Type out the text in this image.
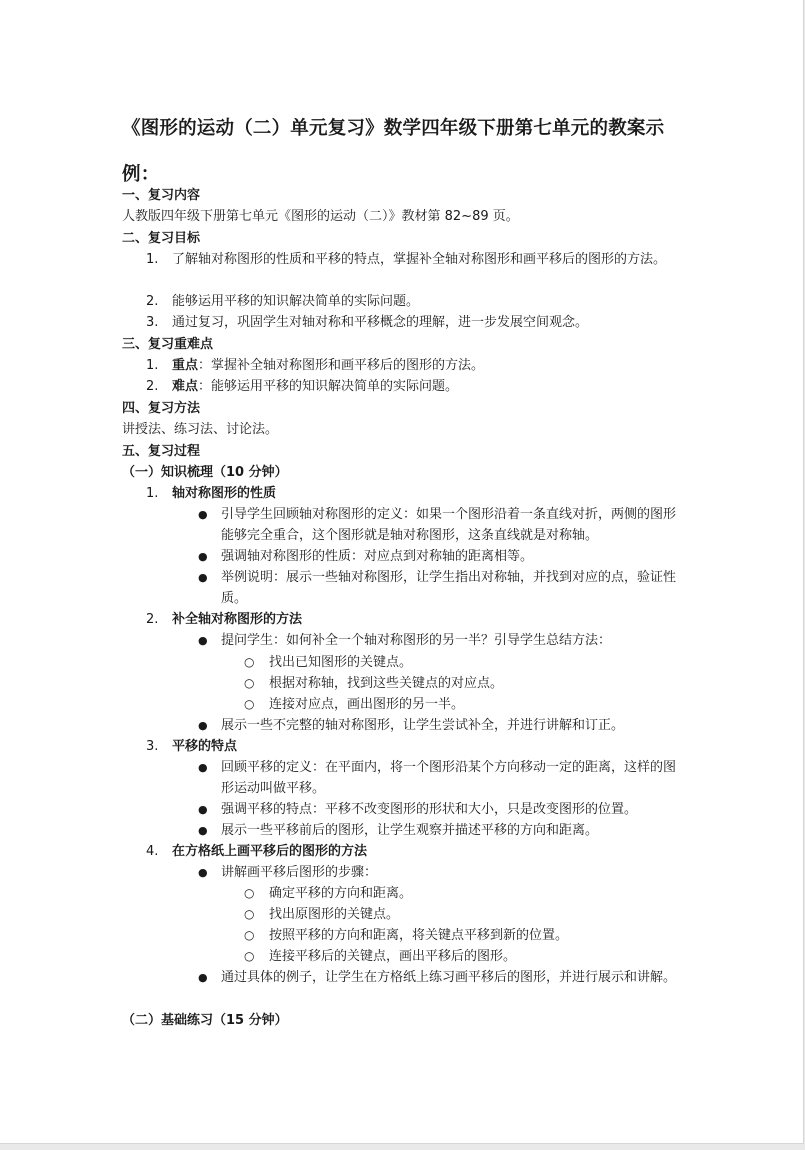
《图形的运动（二）单元复习》数学四年级下册第七单元的教案示例：
一、复习内容
人教版四年级下册第七单元《图形的运动（二）》教材第 82~89 页。
二、复习目标
1. 了解轴对称图形的性质和平移的特点，掌握补全轴对称图形和画平移后的图形的方法。
2. 能够运用平移的知识解决简单的实际问题。
3. 通过复习，巩固学生对轴对称和平移概念的理解，进一步发展空间观念。
三、复习重难点
1. 重点：掌握补全轴对称图形和画平移后的图形的方法。
2. 难点：能够运用平移的知识解决简单的实际问题。
四、复习方法
讲授法、练习法、讨论法。
五、复习过程
（一）知识梳理（10 分钟）
1. 轴对称图形的性质
● 引导学生回顾轴对称图形的定义：如果一个图形沿着一条直线对折，两侧的图形能够完全重合，这个图形就是轴对称图形，这条直线就是对称轴。
● 强调轴对称图形的性质：对应点到对称轴的距离相等。
● 举例说明：展示一些轴对称图形，让学生指出对称轴，并找到对应的点，验证性质。
2. 补全轴对称图形的方法
● 提问学生：如何补全一个轴对称图形的另一半？引导学生总结方法：
○ 找出已知图形的关键点。
○ 根据对称轴，找到这些关键点的对应点。
○ 连接对应点，画出图形的另一半。
● 展示一些不完整的轴对称图形，让学生尝试补全，并进行讲解和订正。
3. 平移的特点
● 回顾平移的定义：在平面内，将一个图形沿某个方向移动一定的距离，这样的图形运动叫做平移。
● 强调平移的特点：平移不改变图形的形状和大小，只是改变图形的位置。
● 展示一些平移前后的图形，让学生观察并描述平移的方向和距离。
4. 在方格纸上画平移后的图形的方法
● 讲解画平移后图形的步骤：
○ 确定平移的方向和距离。
○ 找出原图形的关键点。
○ 按照平移的方向和距离，将关键点平移到新的位置。
○ 连接平移后的关键点，画出平移后的图形。
● 通过具体的例子，让学生在方格纸上练习画平移后的图形，并进行展示和讲解。
（二）基础练习（15 分钟）
